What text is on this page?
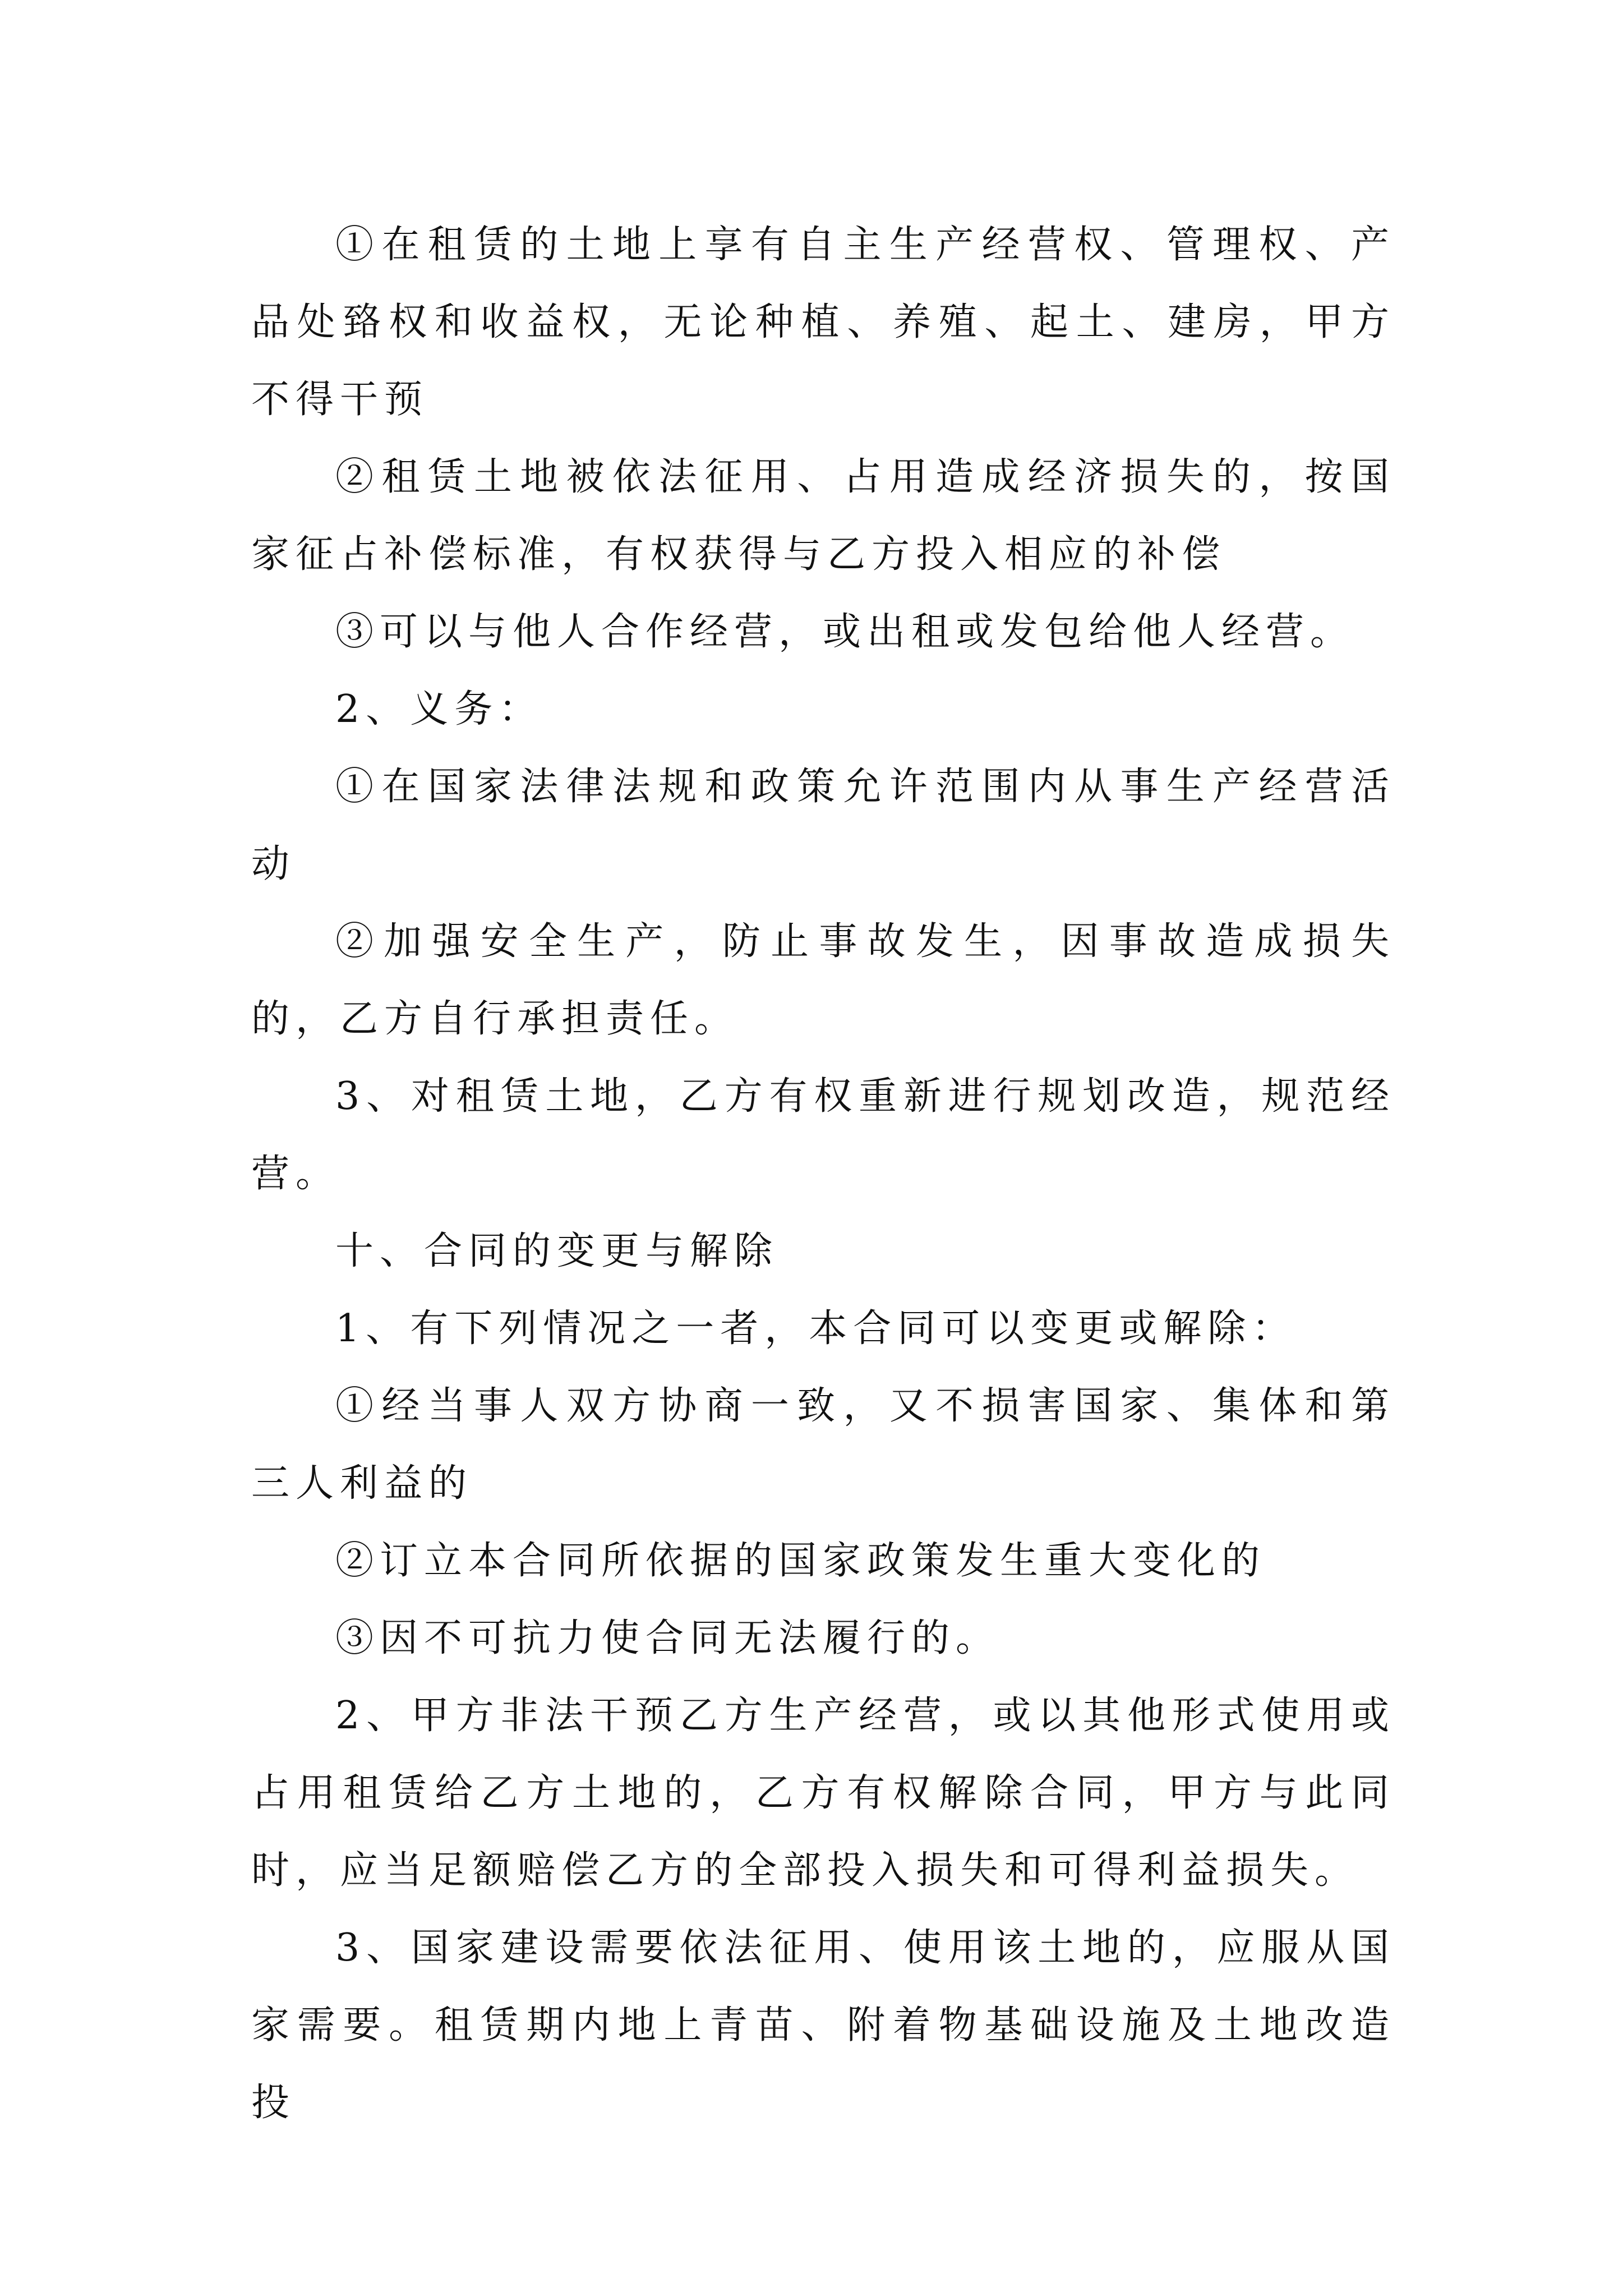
①在租赁的土地上享有自主生产经营权、管理权、产品处臵权和收益权，无论种植、养殖、起土、建房，甲方不得干预

②租赁土地被依法征用、占用造成经济损失的，按国家征占补偿标准，有权获得与乙方投入相应的补偿

③可以与他人合作经营，或出租或发包给他人经营。

2、义务：

①在国家法律法规和政策允许范围内从事生产经营活动

②加强安全生产，防止事故发生，因事故造成损失的，乙方自行承担责任。

3、对租赁土地，乙方有权重新进行规划改造，规范经营。

十、合同的变更与解除

1、有下列情况之一者，本合同可以变更或解除：

①经当事人双方协商一致，又不损害国家、集体和第三人利益的

②订立本合同所依据的国家政策发生重大变化的

③因不可抗力使合同无法履行的。

2、甲方非法干预乙方生产经营，或以其他形式使用或占用租赁给乙方土地的，乙方有权解除合同，甲方与此同时，应当足额赔偿乙方的全部投入损失和可得利益损失。

3、国家建设需要依法征用、使用该土地的，应服从国家需要。租赁期内地上青苗、附着物基础设施及土地改造投
